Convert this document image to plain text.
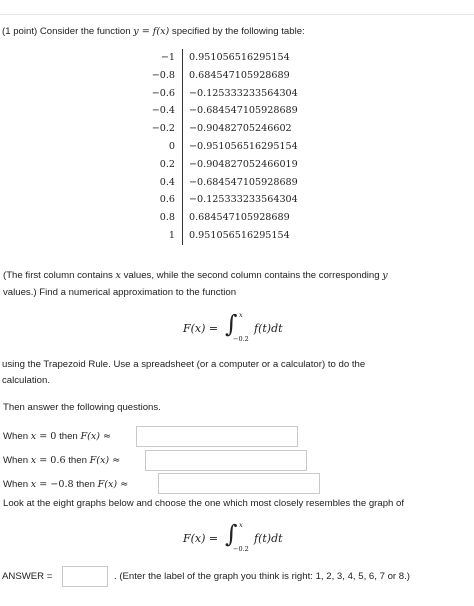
(1 point) Consider the function y = f(x) specified by the following table:
−1	0.951056516295154
−0.8	0.684547105928689
−0.6	−0.125333233564304
−0.4	−0.684547105928689
−0.2	−0.90482705246602
0	−0.951056516295154
0.2	−0.904827052466019
0.4	−0.684547105928689
0.6	−0.125333233564304
0.8	0.684547105928689
1	0.951056516295154
(The first column contains x values, while the second column contains the corresponding y
values.) Find a numerical approximation to the function
F(x) = ∫ x
−0.2
f(t)dt
using the Trapezoid Rule. Use a spreadsheet (or a computer or a calculator) to do the
calculation.
Then answer the following questions.
When x = 0 then F(x) ≈
When x = 0.6 then F(x) ≈
When x = −0.8 then F(x) ≈
Look at the eight graphs below and choose the one which most closely resembles the graph of
F(x) = ∫ x
−0.2
f(t)dt
ANSWER =	. (Enter the label of the graph you think is right: 1, 2, 3, 4, 5, 6, 7 or 8.)
